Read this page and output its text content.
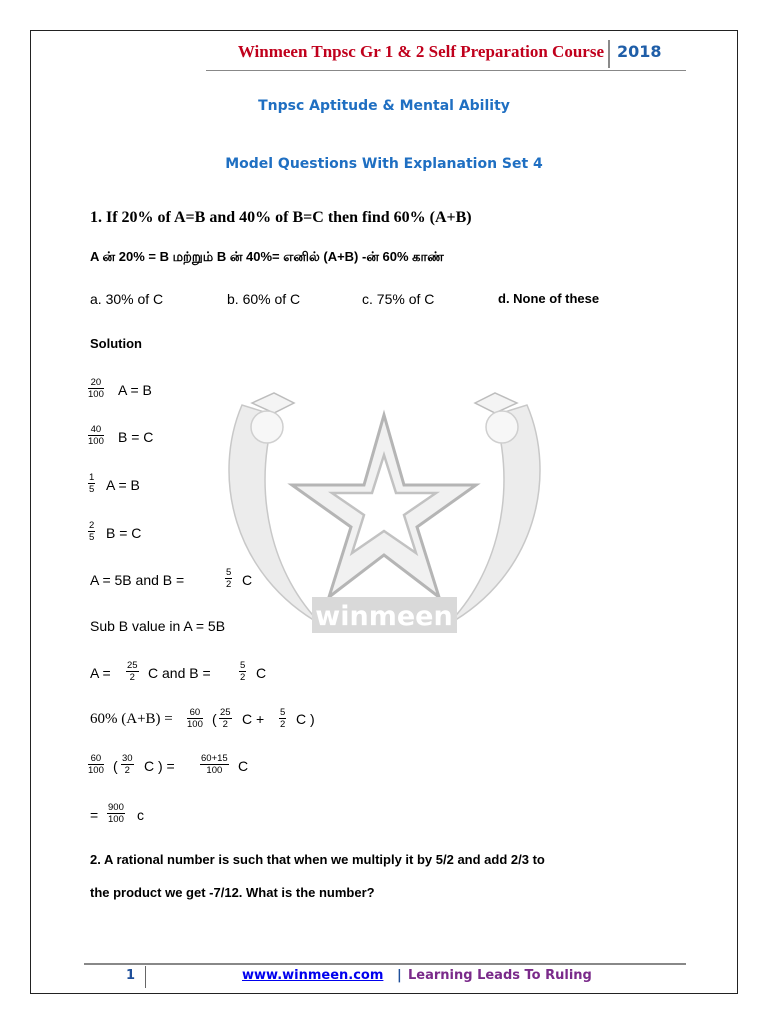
Winmeen Tnpsc Gr 1 & 2 Self Preparation Course 2018
Tnpsc Aptitude & Mental Ability
Model Questions With Explanation Set 4
winmeen
1. If 20% of A=B and 40% of B=C then find 60% (A+B)
A ன் 20% = B மற்றும் B ன் 40%= எனில் (A+B) -ன் 60% காண்
a. 30% of C	b. 60% of C	c. 75% of C	d. None of these
Solution
20
100 A = B
40
100 B = C
1
5 A = B
2
5 B = C
A = 5B and B =	5
2 C
Sub B value in A = 5B
A = 25
2 C and B =	5
2 C
60% (A+B) = 60
100 ( 25
2 C + 5
2 C )
60
100 ( 30
2 C ) =	60+15
100	C
= 900
100 c
2. A rational number is such that when we multiply it by 5/2 and add 2/3 to
the product we get -7/12. What is the number?
1	www.winmeen.com | Learning Leads To Ruling
